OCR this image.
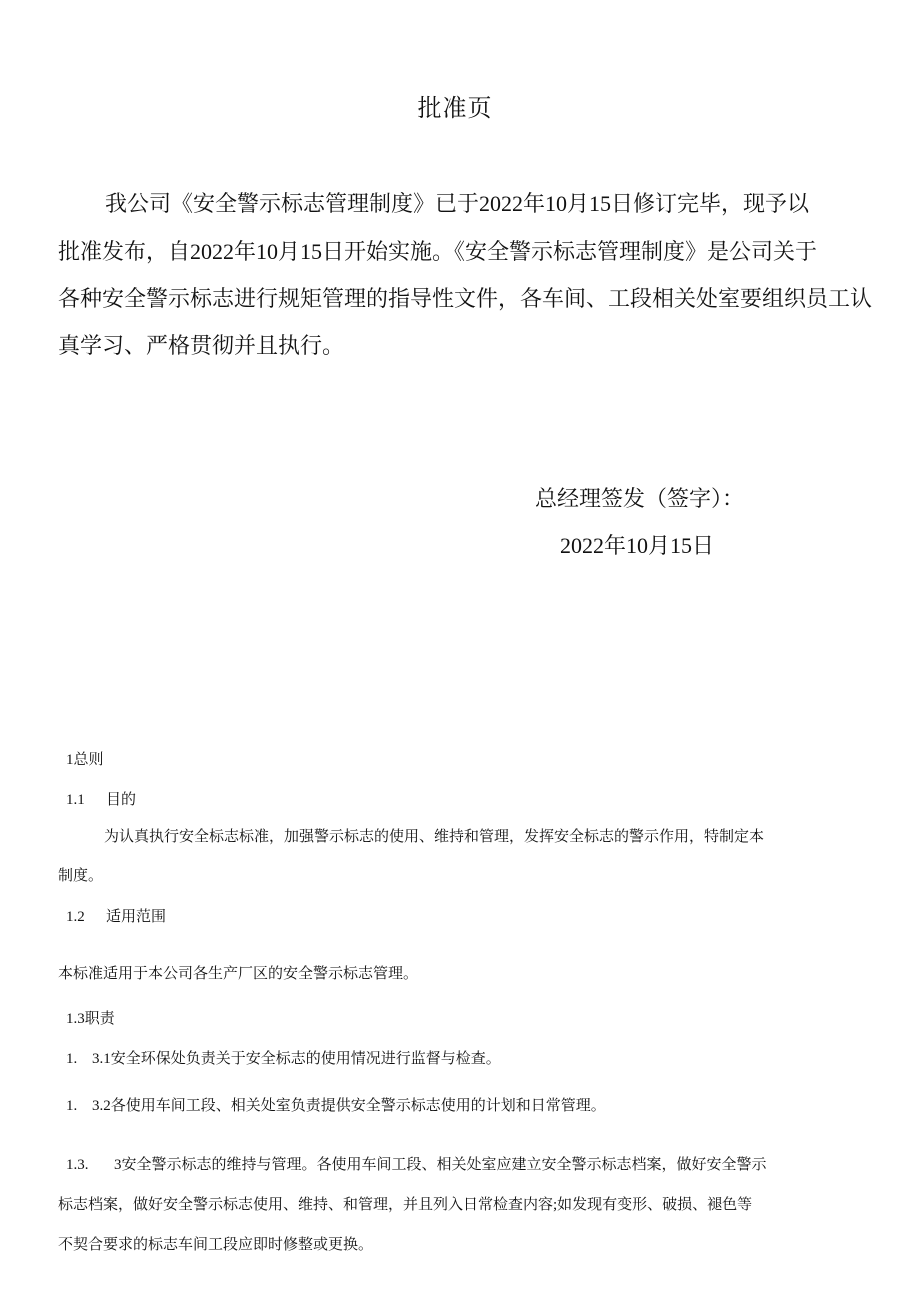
批准页
我公司《安全警示标志管理制度》已于2022年10月15日修订完毕，现予以
批准发布，自2022年10月15日开始实施。《安全警示标志管理制度》是公司关于
各种安全警示标志进行规矩管理的指导性文件，各车间、工段相关处室要组织员工认
真学习、严格贯彻并且执行。
总经理签发（签字）：
2022年10月15日
1总则
1.1 目的
为认真执行安全标志标准，加强警示标志的使用、维持和管理，发挥安全标志的警示作用，特制定本
制度。
1.2 适用范围
本标准适用于本公司各生产厂区的安全警示标志管理。
1.3职责
1. 3.1安全环保处负责关于安全标志的使用情况进行监督与检查。
1. 3.2各使用车间工段、相关处室负责提供安全警示标志使用的计划和日常管理。
1.3. 3安全警示标志的维持与管理。各使用车间工段、相关处室应建立安全警示标志档案，做好安全警示
标志档案，做好安全警示标志使用、维持、和管理，并且列入日常检查内容;如发现有变形、破损、褪色等
不契合要求的标志车间工段应即时修整或更换。
